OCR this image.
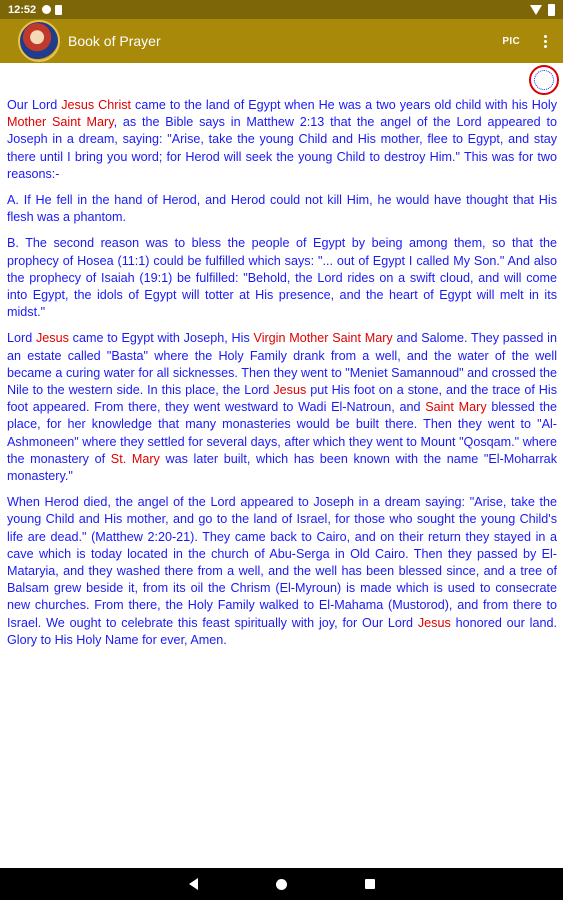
12:52
Book of Prayer	PIC

Our Lord Jesus Christ came to the land of Egypt when He was a two years old child with his Holy Mother Saint Mary, as the Bible says in Matthew 2:13 that the angel of the Lord appeared to Joseph in a dream, saying: "Arise, take the young Child and His mother, flee to Egypt, and stay there until I bring you word; for Herod will seek the young Child to destroy Him." This was for two reasons:-

A. If He fell in the hand of Herod, and Herod could not kill Him, he would have thought that His flesh was a phantom.

B. The second reason was to bless the people of Egypt by being among them, so that the prophecy of Hosea (11:1) could be fulfilled which says: "... out of Egypt I called My Son." And also the prophecy of Isaiah (19:1) be fulfilled: "Behold, the Lord rides on a swift cloud, and will come into Egypt, the idols of Egypt will totter at His presence, and the heart of Egypt will melt in its midst."

Lord Jesus came to Egypt with Joseph, His Virgin Mother Saint Mary and Salome. They passed in an estate called "Basta" where the Holy Family drank from a well, and the water of the well became a curing water for all sicknesses. Then they went to "Meniet Samannoud" and crossed the Nile to the western side. In this place, the Lord Jesus put His foot on a stone, and the trace of His foot appeared. From there, they went westward to Wadi El-Natroun, and Saint Mary blessed the place, for her knowledge that many monasteries would be built there. Then they went to "Al-Ashmoneen" where they settled for several days, after which they went to Mount "Qosqam." where the monastery of St. Mary was later built, which has been known with the name "El-Moharrak monastery."

When Herod died, the angel of the Lord appeared to Joseph in a dream saying: "Arise, take the young Child and His mother, and go to the land of Israel, for those who sought the young Child's life are dead." (Matthew 2:20-21). They came back to Cairo, and on their return they stayed in a cave which is today located in the church of Abu-Serga in Old Cairo. Then they passed by El-Mataryia, and they washed there from a well, and the well has been blessed since, and a tree of Balsam grew beside it, from its oil the Chrism (El-Myroun) is made which is used to consecrate new churches. From there, the Holy Family walked to El-Mahama (Mustorod), and from there to Israel. We ought to celebrate this feast spiritually with joy, for Our Lord Jesus honored our land. Glory to His Holy Name for ever, Amen.
